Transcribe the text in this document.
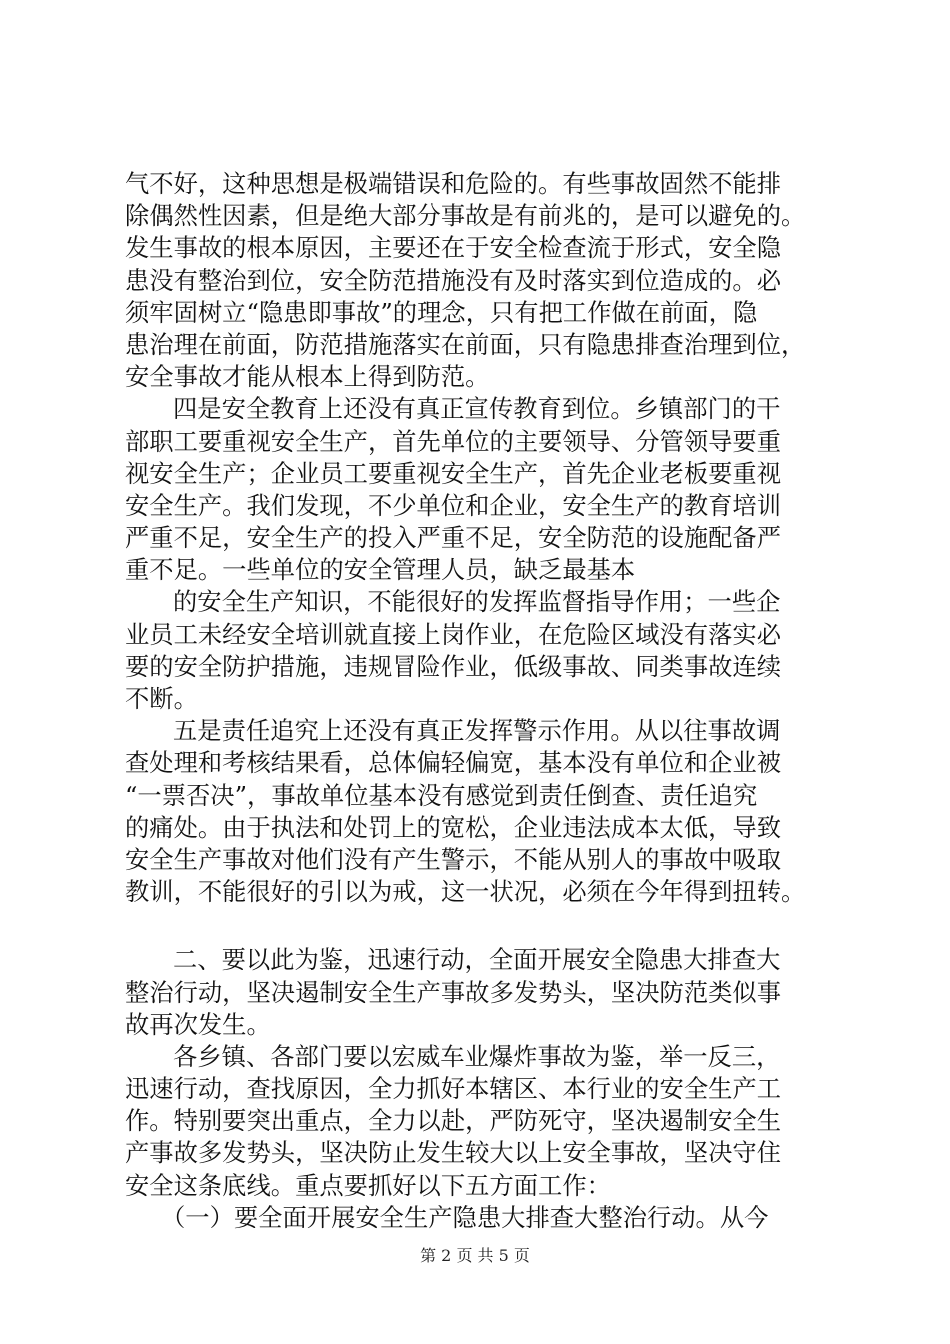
气不好，这种思想是极端错误和危险的。有些事故固然不能排
除偶然性因素，但是绝大部分事故是有前兆的，是可以避免的。
发生事故的根本原因，主要还在于安全检查流于形式，安全隐
患没有整治到位，安全防范措施没有及时落实到位造成的。必
须牢固树立“隐患即事故”的理念，只有把工作做在前面，隐
患治理在前面，防范措施落实在前面，只有隐患排查治理到位，
安全事故才能从根本上得到防范。
四是安全教育上还没有真正宣传教育到位。乡镇部门的干
部职工要重视安全生产，首先单位的主要领导、分管领导要重
视安全生产；企业员工要重视安全生产，首先企业老板要重视
安全生产。我们发现，不少单位和企业，安全生产的教育培训
严重不足，安全生产的投入严重不足，安全防范的设施配备严
重不足。一些单位的安全管理人员，缺乏最基本
的安全生产知识，不能很好的发挥监督指导作用；一些企
业员工未经安全培训就直接上岗作业，在危险区域没有落实必
要的安全防护措施，违规冒险作业，低级事故、同类事故连续
不断。
五是责任追究上还没有真正发挥警示作用。从以往事故调
查处理和考核结果看，总体偏轻偏宽，基本没有单位和企业被
“一票否决”，事故单位基本没有感觉到责任倒查、责任追究
的痛处。由于执法和处罚上的宽松，企业违法成本太低，导致
安全生产事故对他们没有产生警示，不能从别人的事故中吸取
教训，不能很好的引以为戒，这一状况，必须在今年得到扭转。
二、要以此为鉴，迅速行动，全面开展安全隐患大排查大
整治行动，坚决遏制安全生产事故多发势头，坚决防范类似事
故再次发生。
各乡镇、各部门要以宏威车业爆炸事故为鉴，举一反三，
迅速行动，查找原因，全力抓好本辖区、本行业的安全生产工
作。特别要突出重点，全力以赴，严防死守，坚决遏制安全生
产事故多发势头，坚决防止发生较大以上安全事故，坚决守住
安全这条底线。重点要抓好以下五方面工作：
（一）要全面开展安全生产隐患大排查大整治行动。从今
第 2 页 共 5 页
